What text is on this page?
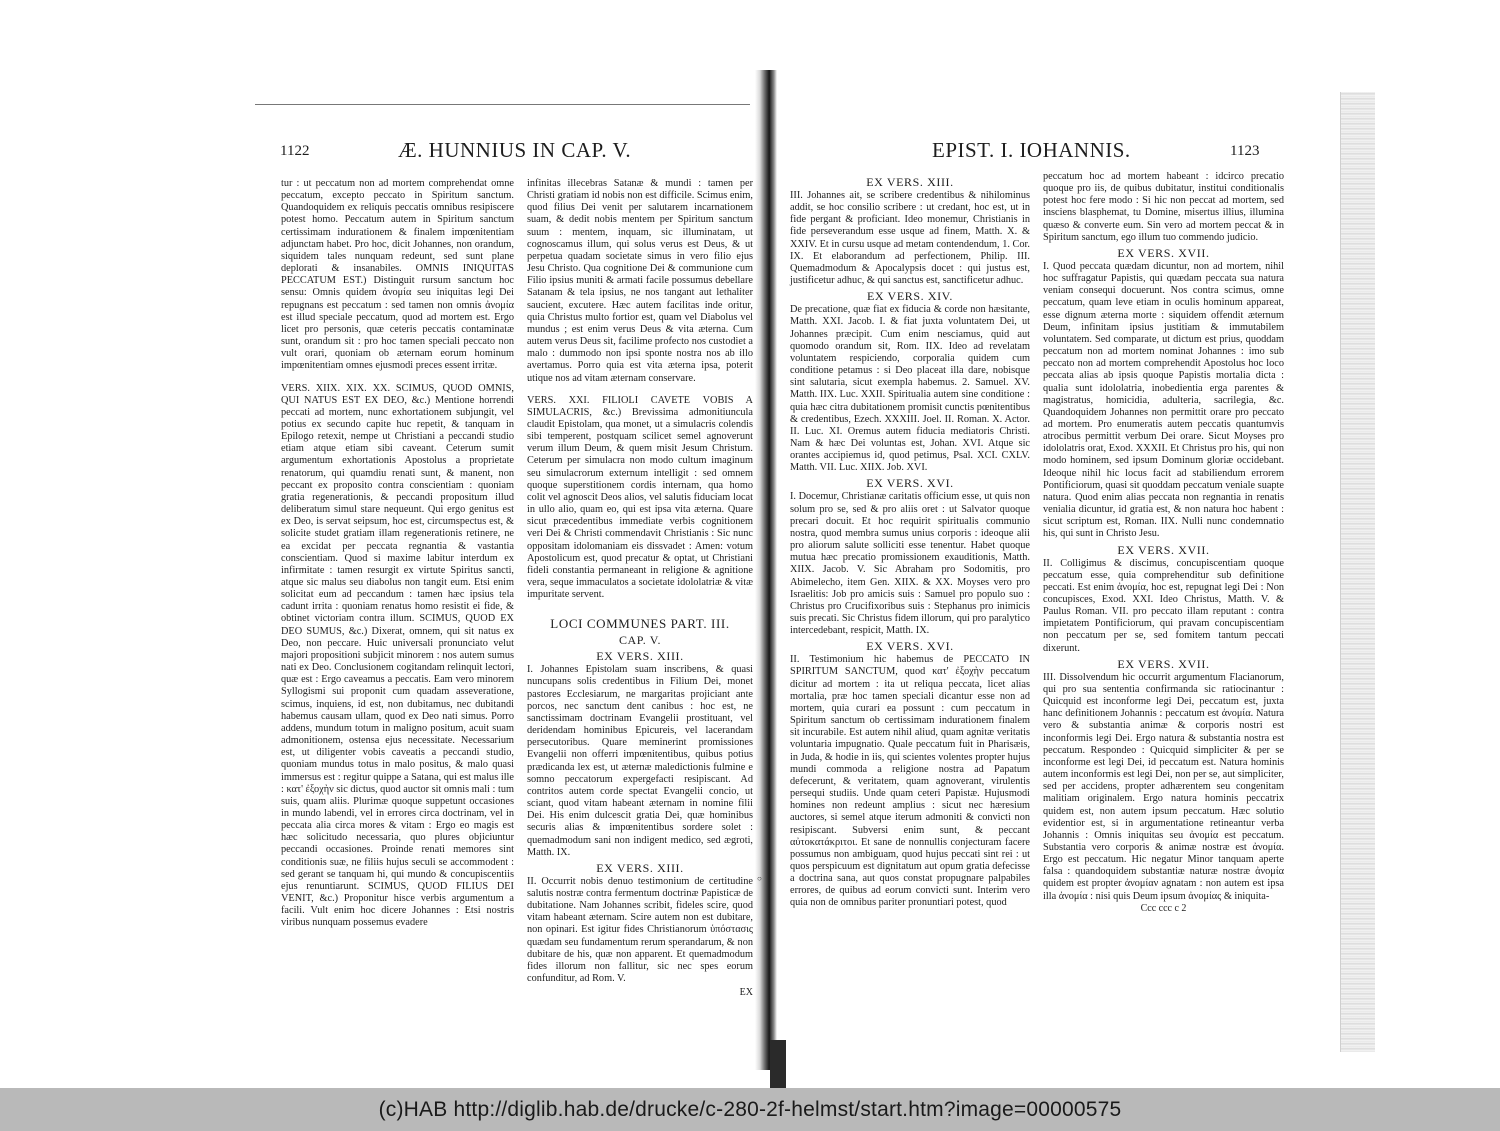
1122	Æ. HUNNIUS IN CAP. V.

tur : ut peccatum non ad mortem comprehendat omne peccatum, excepto peccato in Spiritum sanctum. Quandoquidem ex reliquis peccatis omnibus resipiscere potest homo. Peccatum autem in Spiritum sanctum certissimam indurationem & finalem impœnitentiam adjunctam habet. Pro hoc, dicit Johannes, non orandum, siquidem tales nunquam redeunt, sed sunt plane deplorati & insanabiles. OMNIS INIQUITAS PECCATUM EST.) Distinguit rursum sanctum hoc sensu: Omnis quidem ἀνομία seu iniquitas legi Dei repugnans est peccatum : sed tamen non omnis ἀνομία est illud speciale peccatum, quod ad mortem est. Ergo licet pro personis, quæ ceteris peccatis contaminatæ sunt, orandum sit : pro hoc tamen speciali peccato non vult orari, quoniam ob æternam eorum hominum impœnitentiam omnes ejusmodi preces essent irritæ.

VERS. XIIX. XIX. XX. SCIMUS, QUOD OMNIS, QUI NATUS EST EX DEO, &c.) Mentione horrendi peccati ad mortem, nunc exhortationem subjungit, vel potius ex secundo capite huc repetit, & tanquam in Epilogo retexit, nempe ut Christiani a peccandi studio etiam atque etiam sibi caveant. Ceterum sumit argumentum exhortationis Apostolus a proprietate renatorum, qui quamdiu renati sunt, & manent, non peccant ex proposito contra conscientiam : quoniam gratia regenerationis, & peccandi propositum illud deliberatum simul stare nequeunt. Qui ergo genitus est ex Deo, is servat seipsum, hoc est, circumspectus est, & solicite studet gratiam illam regenerationis retinere, ne ea excidat per peccata regnantia & vastantia conscientiam. Quod si maxime labitur interdum ex infirmitate : tamen resurgit ex virtute Spiritus sancti, atque sic malus seu diabolus non tangit eum. Etsi enim solicitat eum ad peccandum : tamen hæc ipsius tela cadunt irrita : quoniam renatus homo resistit ei fide, & obtinet victoriam contra illum. SCIMUS, QUOD EX DEO SUMUS, &c.) Dixerat, omnem, qui sit natus ex Deo, non peccare. Huic universali pronunciato velut majori propositioni subjicit minorem : nos autem sumus nati ex Deo. Conclusionem cogitandam relinquit lectori, quæ est : Ergo caveamus a peccatis. Eam vero minorem Syllogismi sui proponit cum quadam asseveratione, scimus, inquiens, id est, non dubitamus, nec dubitandi habemus causam ullam, quod ex Deo nati simus. Porro addens, mundum totum in maligno positum, acuit suam admonitionem, ostensa ejus necessitate. Necessarium est, ut diligenter vobis caveatis a peccandi studio, quoniam mundus totus in malo positus, & malo quasi immersus est : regitur quippe a Satana, qui est malus ille : κατ' ἐξοχὴν sic dictus, quod auctor sit omnis mali : tum suis, quam aliis. Plurimæ quoque suppetunt occasiones in mundo labendi, vel in errores circa doctrinam, vel in peccata alia circa mores & vitam : Ergo eo magis est hæc solicitudo necessaria, quo plures objiciuntur peccandi occasiones. Proinde renati memores sint conditionis suæ, ne filiis hujus seculi se accommodent : sed gerant se tanquam hi, qui mundo & concupiscentiis ejus renuntiarunt. SCIMUS, QUOD FILIUS DEI VENIT, &c.) Proponitur hisce verbis argumentum a facili. Vult enim hoc dicere Johannes : Etsi nostris viribus nunquam possemus evadere

infinitas illecebras Satanæ & mundi : tamen per Christi gratiam id nobis non est difficile. Scimus enim, quod filius Dei venit per salutarem incarnationem suam, & dedit nobis mentem per Spiritum sanctum suum : mentem, inquam, sic illuminatam, ut cognoscamus illum, qui solus verus est Deus, & ut perpetua quadam societate simus in vero filio ejus Jesu Christo. Qua cognitione Dei & communione cum Filio ipsius muniti & armati facile possumus debellare Satanam & tela ipsius, ne nos tangant aut lethaliter saucient, excutere. Hæc autem facilitas inde oritur, quia Christus multo fortior est, quam vel Diabolus vel mundus ; est enim verus Deus & vita æterna. Cum autem verus Deus sit, facilime profecto nos custodiet a malo : dummodo non ipsi sponte nostra nos ab illo avertamus. Porro quia est vita æterna ipsa, poterit utique nos ad vitam æternam conservare.

VERS. XXI. FILIOLI CAVETE VOBIS A SIMULACRIS, &c.) Brevissima admonitiuncula claudit Epistolam, qua monet, ut a simulacris colendis sibi temperent, postquam scilicet semel agnoverunt verum illum Deum, & quem misit Jesum Christum. Ceterum per simulacra non modo cultum imaginum seu simulacrorum externum intelligit : sed omnem quoque superstitionem cordis internam, qua homo colit vel agnoscit Deos alios, vel salutis fiduciam locat in ullo alio, quam eo, qui est ipsa vita æterna. Quare sicut præcedentibus immediate verbis cognitionem veri Dei & Christi commendavit Christianis : Sic nunc oppositam idolomaniam eis dissvadet : Amen: votum Apostolicum est, quod precatur & optat, ut Christiani fideli constantia permaneant in religione & agnitione vera, seque immaculatos a societate idololatriæ & vitæ impuritate servent.

LOCI COMMUNES PART. III.
CAP. V.
EX VERS. XIII.

I. Johannes Epistolam suam inscribens, & quasi nuncupans solis credentibus in Filium Dei, monet pastores Ecclesiarum, ne margaritas projiciant ante porcos, nec sanctum dent canibus : hoc est, ne sanctissimam doctrinam Evangelii prostituant, vel deridendam hominibus Epicureis, vel lacerandam persecutoribus. Quare meminerint promissiones Evangelii non offerri impœnitentibus, quibus potius prædicanda lex est, ut æternæ maledictionis fulmine e somno peccatorum expergefacti resipiscant. Ad contritos autem corde spectat Evangelii concio, ut sciant, quod vitam habeant æternam in nomine filii Dei. His enim dulcescit gratia Dei, quæ hominibus securis alias & impœnitentibus sordere solet : quemadmodum sani non indigent medico, sed ægroti, Matth. IX.

EX VERS. XIII.

II. Occurrit nobis denuo testimonium de certitudine salutis nostræ contra fermentum doctrinæ Papisticæ de dubitatione. Nam Johannes scribit, fideles scire, quod vitam habeant æternam. Scire autem non est dubitare, non opinari. Est igitur fides Christianorum ὑπόστασις quædam seu fundamentum rerum sperandarum, & non dubitare de his, quæ non apparent. Et quemadmodum fides illorum non fallitur, sic nec spes eorum confunditur, ad Rom. V.

EX
○
EPIST. I. IOHANNIS.	1123
EX VERS. XIII.

III. Johannes ait, se scribere credentibus & nihilominus addit, se hoc consilio scribere : ut credant, hoc est, ut in fide pergant & proficiant. Ideo monemur, Christianis in fide perseverandum esse usque ad finem, Matth. X. & XXIV. Et in cursu usque ad metam contendendum, 1. Cor. IX. Et elaborandum ad perfectionem, Philip. III. Quemadmodum & Apocalypsis docet : qui justus est, justificetur adhuc, & qui sanctus est, sanctificetur adhuc.

EX VERS. XIV.

De precatione, quæ fiat ex fiducia & corde non hæsitante, Matth. XXI. Jacob. I. & fiat juxta voluntatem Dei, ut Johannes præcipit. Cum enim nesciamus, quid aut quomodo orandum sit, Rom. IIX. Ideo ad revelatam voluntatem respiciendo, corporalia quidem cum conditione petamus : si Deo placeat illa dare, nobisque sint salutaria, sicut exempla habemus. 2. Samuel. XV. Matth. IIX. Luc. XXII. Spiritualia autem sine conditione : quia hæc citra dubitationem promisit cunctis pœnitentibus & credentibus, Ezech. XXXIII. Joel. II. Roman. X. Actor. II. Luc. XI. Oremus autem fiducia mediatoris Christi. Nam & hæc Dei voluntas est, Johan. XVI. Atque sic orantes accipiemus id, quod petimus, Psal. XCI. CXLV. Matth. VII. Luc. XIIX. Job. XVI.

EX VERS. XVI.

I. Docemur, Christianæ caritatis officium esse, ut quis non solum pro se, sed & pro aliis oret : ut Salvator quoque precari docuit. Et hoc requirit spiritualis communio nostra, quod membra sumus unius corporis : ideoque alii pro aliorum salute solliciti esse tenentur. Habet quoque mutua hæc precatio promissionem exauditionis, Matth. XIIX. Jacob. V. Sic Abraham pro Sodomitis, pro Abimelecho, item Gen. XIIX. & XX. Moyses vero pro Israelitis: Job pro amicis suis : Samuel pro populo suo : Christus pro Crucifixoribus suis : Stephanus pro inimicis suis precati. Sic Christus fidem illorum, qui pro paralytico intercedebant, respicit, Matth. IX.

EX VERS. XVI.

II. Testimonium hic habemus de PECCATO IN SPIRITUM SANCTUM, quod κατ' ἐξοχὴν peccatum dicitur ad mortem : ita ut reliqua peccata, licet alias mortalia, præ hoc tamen speciali dicantur esse non ad mortem, quia curari ea possunt : cum peccatum in Spiritum sanctum ob certissimam indurationem finalem sit incurabile. Est autem nihil aliud, quam agnitæ veritatis voluntaria impugnatio. Quale peccatum fuit in Pharisæis, in Juda, & hodie in iis, qui scientes volentes propter hujus mundi commoda a religione nostra ad Papatum defecerunt, & veritatem, quam agnoverant, virulentis persequi studiis. Unde quam ceteri Papistæ. Hujusmodi homines non redeunt amplius : sicut nec hæresium auctores, si semel atque iterum admoniti & convicti non resipiscant. Subversi enim sunt, & peccant αὐτοκατάκριτοι. Et sane de nonnullis conjecturam facere possumus non ambiguam, quod hujus peccati sint rei : ut quos perspicuum est dignitatum aut opum gratia defecisse a doctrina sana, aut quos constat propugnare palpabiles errores, de quibus ad eorum convicti sunt. Interim vero quia non de omnibus pariter pronuntiari potest, quod

peccatum hoc ad mortem habeant : idcirco precatio quoque pro iis, de quibus dubitatur, institui conditionalis potest hoc fere modo : Si hic non peccat ad mortem, sed insciens blasphemat, tu Domine, misertus illius, illumina quæso & converte eum. Sin vero ad mortem peccat & in Spiritum sanctum, ego illum tuo commendo judicio.

EX VERS. XVII.

I. Quod peccata quædam dicuntur, non ad mortem, nihil hoc suffragatur Papistis, qui quædam peccata sua natura veniam consequi docuerunt. Nos contra scimus, omne peccatum, quam leve etiam in oculis hominum appareat, esse dignum æterna morte : siquidem offendit æternum Deum, infinitam ipsius justitiam & immutabilem voluntatem. Sed comparate, ut dictum est prius, quoddam peccatum non ad mortem nominat Johannes : imo sub peccato non ad mortem comprehendit Apostolus hoc loco peccata alias ab ipsis quoque Papistis mortalia dicta : qualia sunt idololatria, inobedientia erga parentes & magistratus, homicidia, adulteria, sacrilegia, &c. Quandoquidem Johannes non permittit orare pro peccato ad mortem. Pro enumeratis autem peccatis quantumvis atrocibus permittit verbum Dei orare. Sicut Moyses pro idololatris orat, Exod. XXXII. Et Christus pro his, qui non modo hominem, sed ipsum Dominum gloriæ occidebant. Ideoque nihil hic locus facit ad stabiliendum errorem Pontificiorum, quasi sit quoddam peccatum veniale suapte natura. Quod enim alias peccata non regnantia in renatis venialia dicuntur, id gratia est, & non natura hoc habent : sicut scriptum est, Roman. IIX. Nulli nunc condemnatio his, qui sunt in Christo Jesu.

EX VERS. XVII.

II. Colligimus & discimus, concupiscentiam quoque peccatum esse, quia comprehenditur sub definitione peccati. Est enim ἀνομία, hoc est, repugnat legi Dei : Non concupisces, Exod. XXI. Ideo Christus, Matth. V. & Paulus Roman. VII. pro peccato illam reputant : contra impietatem Pontificiorum, qui pravam concupiscentiam non peccatum per se, sed fomitem tantum peccati dixerunt.

EX VERS. XVII.

III. Dissolvendum hic occurrit argumentum Flacianorum, qui pro sua sententia confirmanda sic ratiocinantur : Quicquid est inconforme legi Dei, peccatum est, juxta hanc definitionem Johannis : peccatum est ἀνομία. Natura vero & substantia animæ & corporis nostri est inconformis legi Dei. Ergo natura & substantia nostra est peccatum. Respondeo : Quicquid simpliciter & per se inconforme est legi Dei, id peccatum est. Natura hominis autem inconformis est legi Dei, non per se, aut simpliciter, sed per accidens, propter adhærentem seu congenitam malitiam originalem. Ergo natura hominis peccatrix quidem est, non autem ipsum peccatum. Hæc solutio evidentior est, si in argumentatione retineantur verba Johannis : Omnis iniquitas seu ἀνομία est peccatum. Substantia vero corporis & animæ nostræ est ἀνομία. Ergo est peccatum. Hic negatur Minor tanquam aperte falsa : quandoquidem substantiæ naturæ nostræ ἀνομία quidem est propter ἀνομίαν agnatam : non autem est ipsa illa ἀνομία : nisi quis Deum ipsum ἀνομίας & iniquita-

Ccc ccc c 2
(c)HAB http://diglib.hab.de/drucke/c-280-2f-helmst/start.htm?image=00000575
